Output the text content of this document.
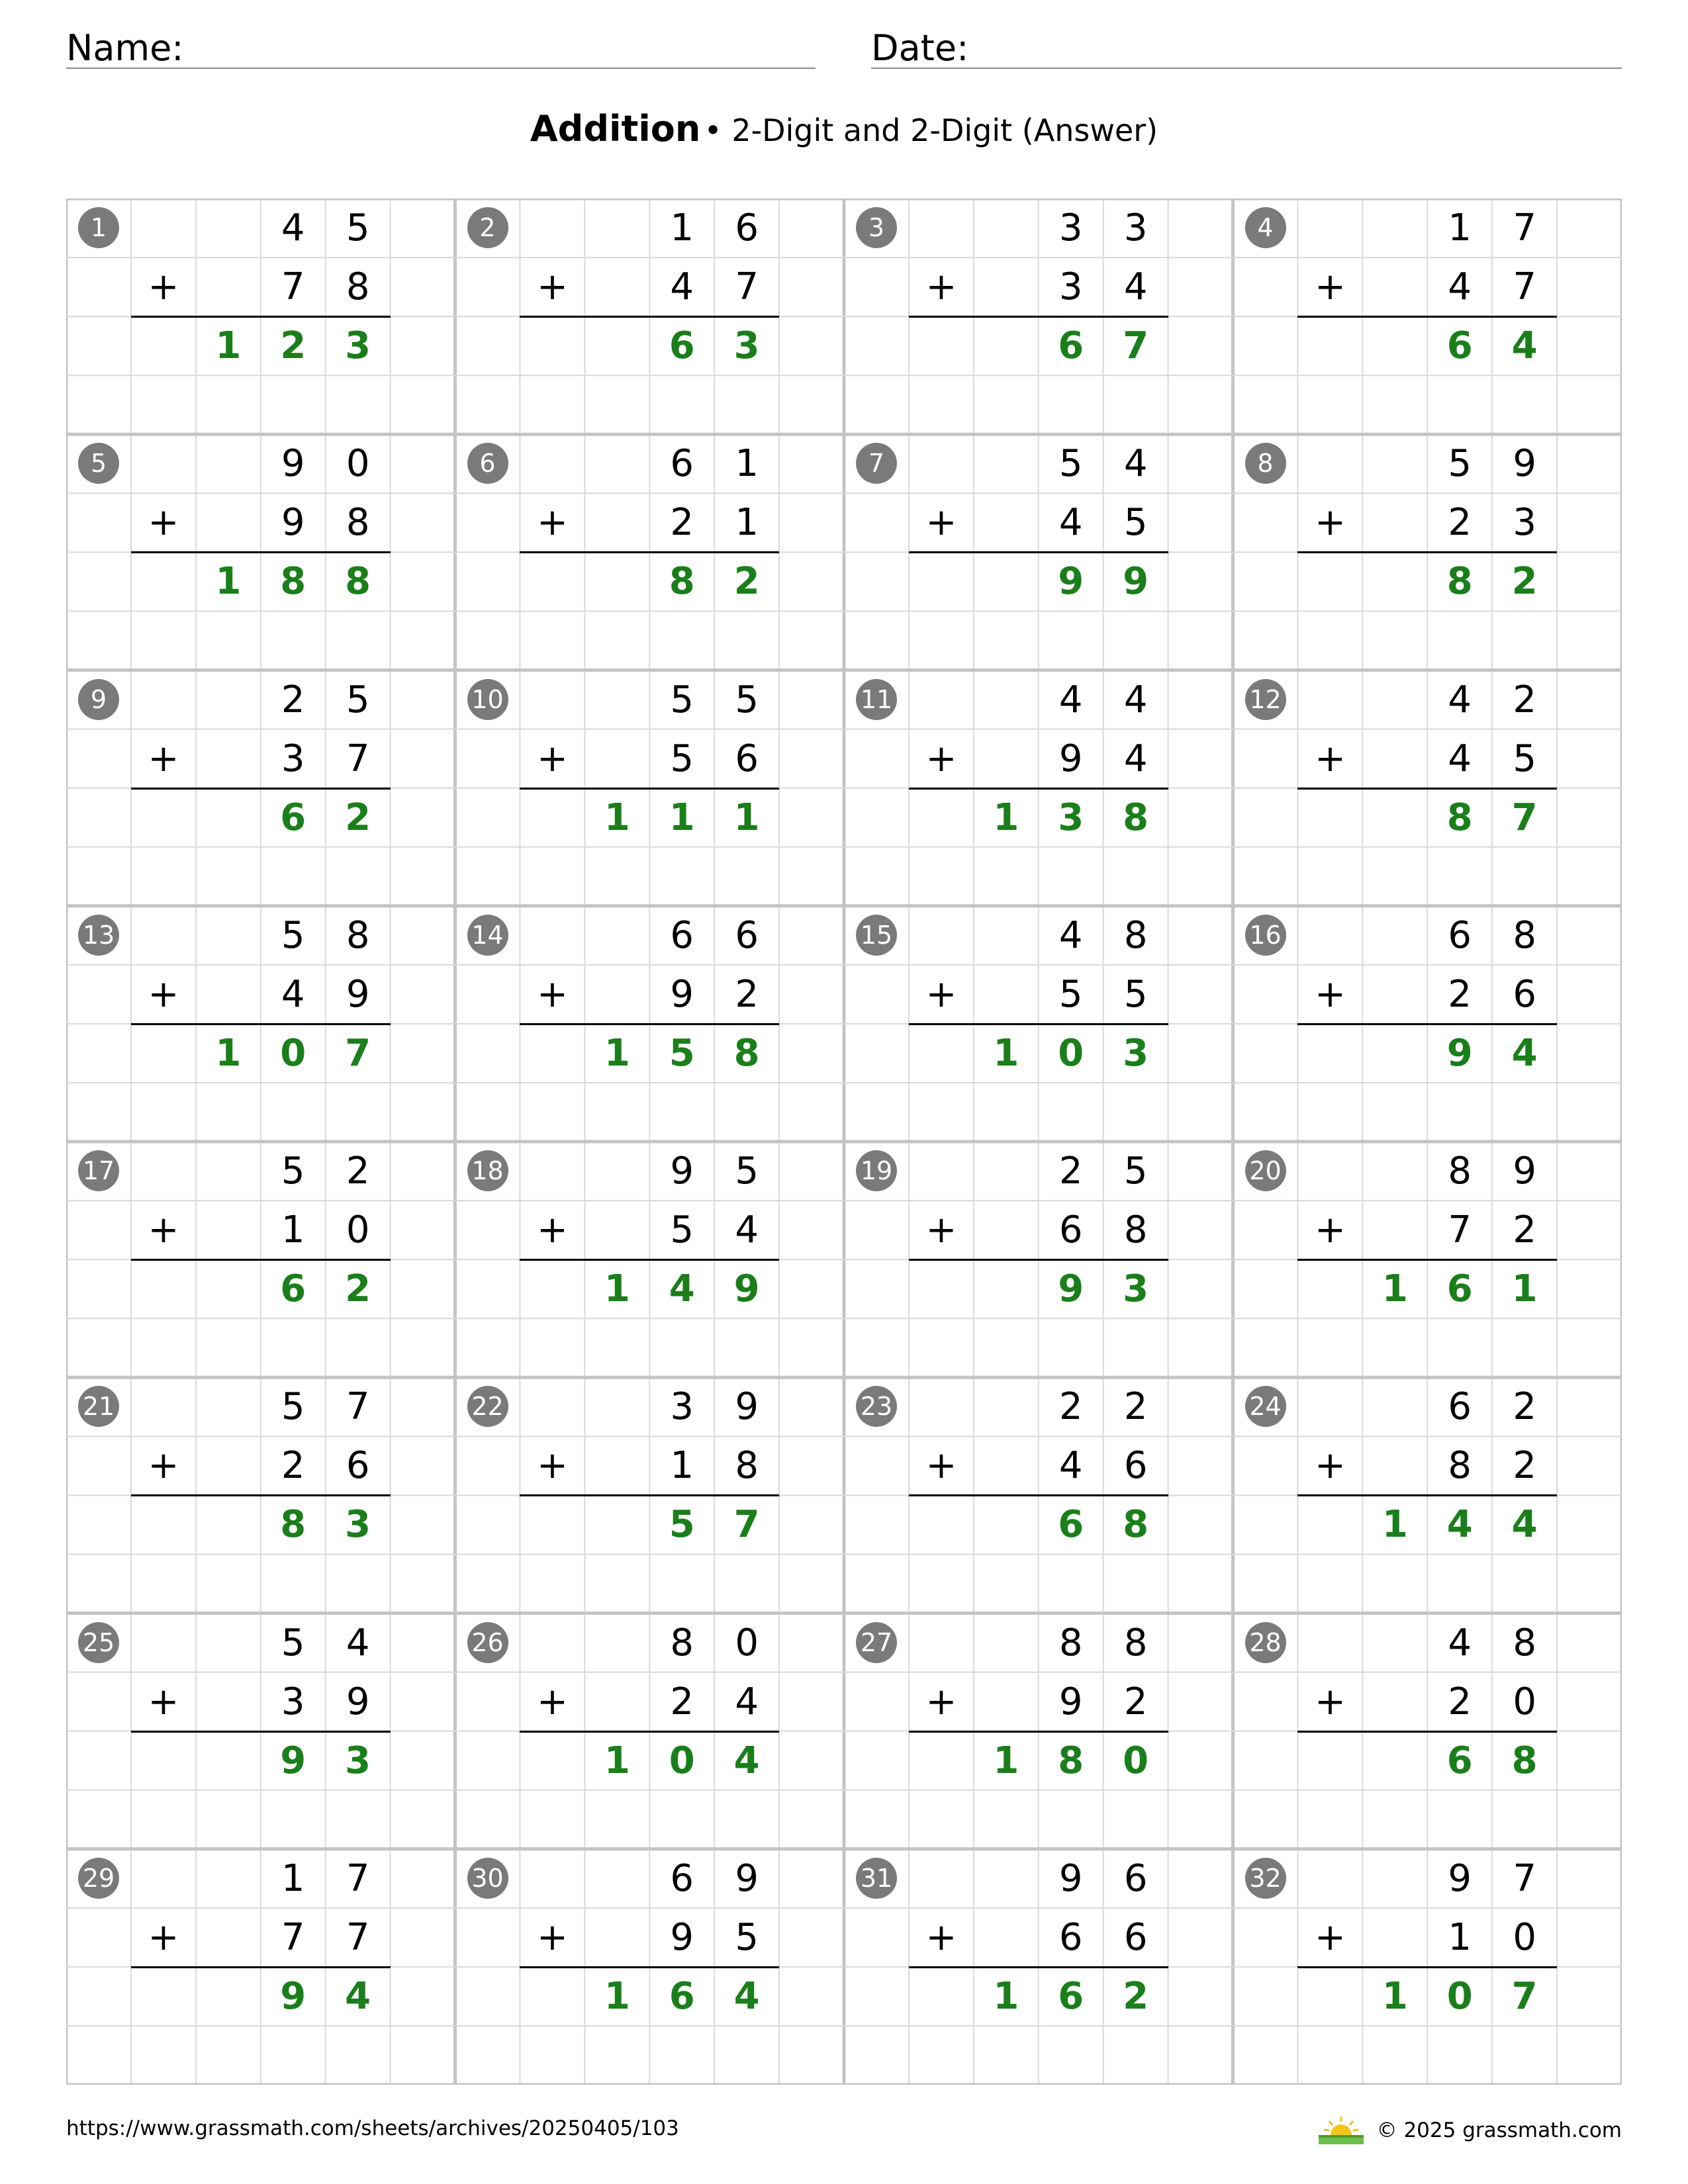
Name:	Date:
Addition • 2-Digit and 2-Digit (Answer)
1	4	5
+	7	8
1	2	3
2	1	6
+	4	7
6	3
3	3	3
+	3	4
6	7
4	1	7
+	4	7
6	4
5	9	0
+	9	8
1	8	8
6	6	1
+	2	1
8	2
7	5	4
+	4	5
9	9
8	5	9
+	2	3
8	2
9	2	5
+	3	7
6	2
10	5	5
+	5	6
1	1	1
11	4	4
+	9	4
1	3	8
12	4	2
+	4	5
8	7
13	5	8
+	4	9
1	0	7
14	6	6
+	9	2
1	5	8
15	4	8
+	5	5
1	0	3
16	6	8
+	2	6
9	4
17	5	2
+	1	0
6	2
18	9	5
+	5	4
1	4	9
19	2	5
+	6	8
9	3
20	8	9
+	7	2
1	6	1
21	5	7
+	2	6
8	3
22	3	9
+	1	8
5	7
23	2	2
+	4	6
6	8
24	6	2
+	8	2
1	4	4
25	5	4
+	3	9
9	3
26	8	0
+	2	4
1	0	4
27	8	8
+	9	2
1	8	0
28	4	8
+	2	0
6	8
29	1	7
+	7	7
9	4
30	6	9
+	9	5
1	6	4
31	9	6
+	6	6
1	6	2
32	9	7
+	1	0
1	0	7
https://www.grassmath.com/sheets/archives/20250405/103	© 2025 grassmath.com
